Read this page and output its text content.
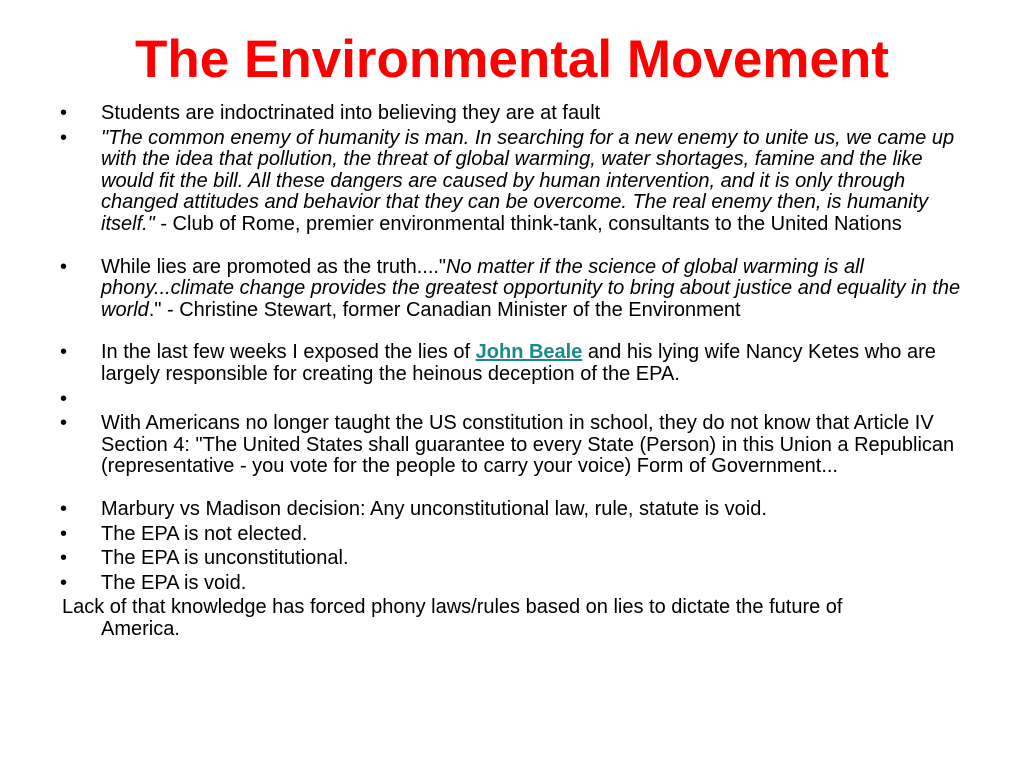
The Environmental Movement
• Students are indoctrinated into believing they are at fault
• "The common enemy of humanity is man. In searching for a new enemy to unite us, we came up with the idea that pollution, the threat of global warming, water shortages, famine and the like would fit the bill. All these dangers are caused by human intervention, and it is only through changed attitudes and behavior that they can be overcome. The real enemy then, is humanity itself." - Club of Rome, premier environmental think-tank, consultants to the United Nations
• While lies are promoted as the truth...."No matter if the science of global warming is all phony...climate change provides the greatest opportunity to bring about justice and equality in the world." - Christine Stewart, former Canadian Minister of the Environment
• In the last few weeks I exposed the lies of John Beale and his lying wife Nancy Ketes who are largely responsible for creating the heinous deception of the EPA.
•

• With Americans no longer taught the US constitution in school, they do not know that Article IV Section 4: "The United States shall guarantee to every State (Person) in this Union a Republican (representative - you vote for the people to carry your voice) Form of Government...
• Marbury vs Madison decision: Any unconstitutional law, rule, statute is void.
• The EPA is not elected.
• The EPA is unconstitutional.
• The EPA is void.
Lack of that knowledge has forced phony laws/rules based on lies to dictate the future of
America.
